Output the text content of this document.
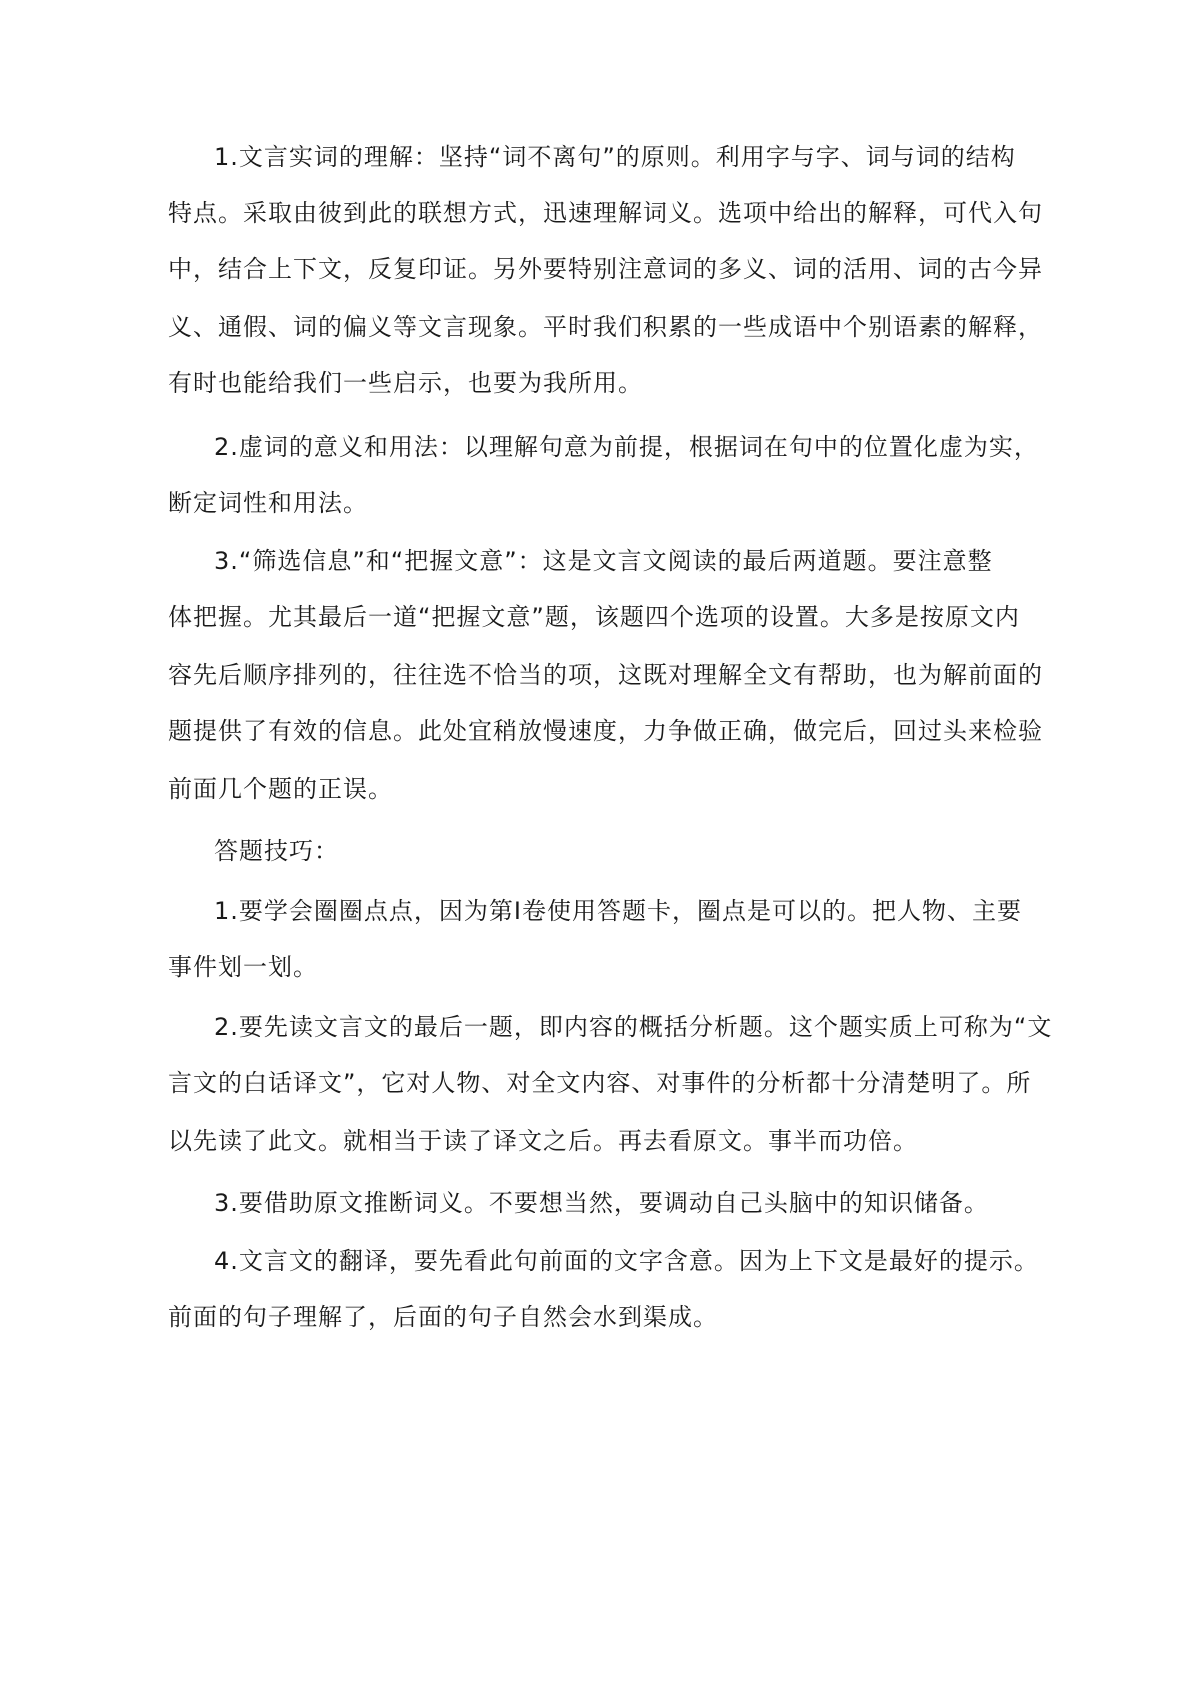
1.文言实词的理解：坚持“词不离句”的原则。利用字与字、词与词的结构

特点。采取由彼到此的联想方式，迅速理解词义。选项中给出的解释，可代入句

中，结合上下文，反复印证。另外要特别注意词的多义、词的活用、词的古今异

义、通假、词的偏义等文言现象。平时我们积累的一些成语中个别语素的解释，

有时也能给我们一些启示，也要为我所用。

2.虚词的意义和用法：以理解句意为前提，根据词在句中的位置化虚为实，

断定词性和用法。

3.“筛选信息”和“把握文意”：这是文言文阅读的最后两道题。要注意整

体把握。尤其最后一道“把握文意”题，该题四个选项的设置。大多是按原文内

容先后顺序排列的，往往选不恰当的项，这既对理解全文有帮助，也为解前面的

题提供了有效的信息。此处宜稍放慢速度，力争做正确，做完后，回过头来检验

前面几个题的正误。

答题技巧：

1.要学会圈圈点点，因为第Ⅰ卷使用答题卡，圈点是可以的。把人物、主要

事件划一划。

2.要先读文言文的最后一题，即内容的概括分析题。这个题实质上可称为“文

言文的白话译文”，它对人物、对全文内容、对事件的分析都十分清楚明了。所

以先读了此文。就相当于读了译文之后。再去看原文。事半而功倍。

3.要借助原文推断词义。不要想当然，要调动自己头脑中的知识储备。

4.文言文的翻译，要先看此句前面的文字含意。因为上下文是最好的提示。

前面的句子理解了，后面的句子自然会水到渠成。
